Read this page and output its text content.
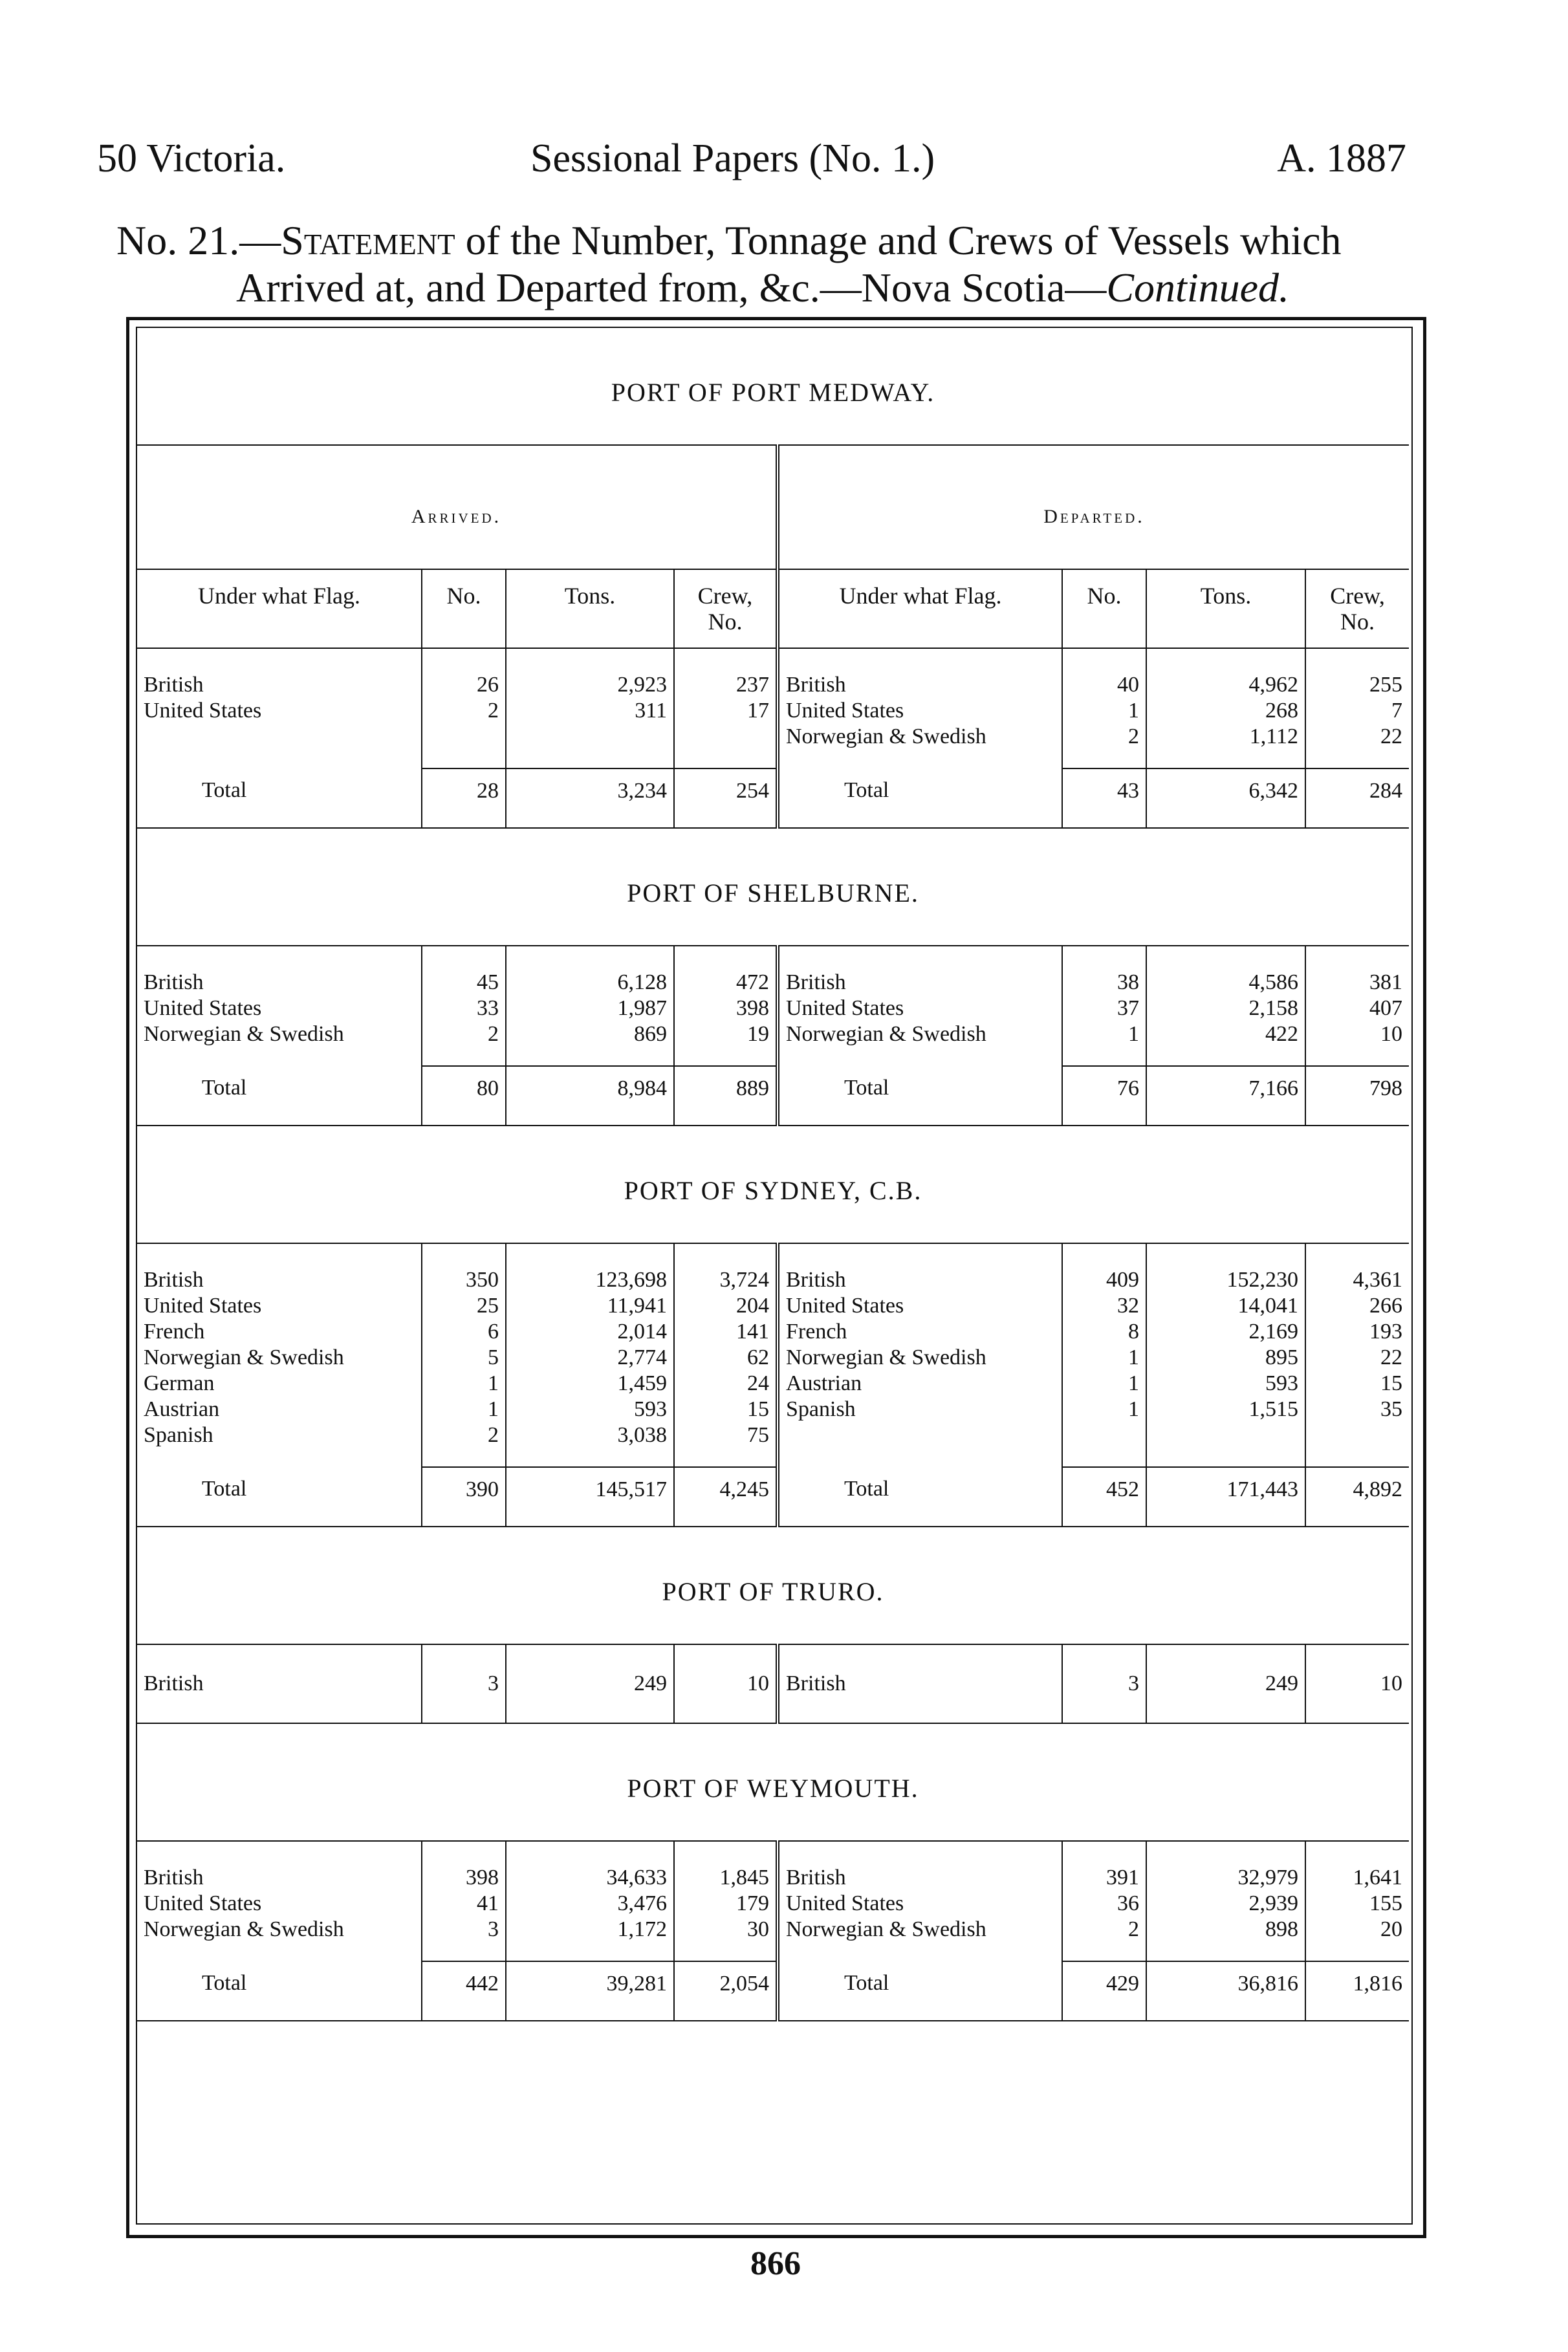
50 Victoria.	Sessional Papers (No. 1.)	A. 1887
No. 21.—Statement of the Number, Tonnage and Crews of Vessels which
Arrived at, and Departed from, &c.—Nova Scotia—Continued.
PORT OF PORT MEDWAY.							
Arrived.				Departed.			
Under what Flag.	No.	Tons.	Crew, No.	Under what Flag.	No.	Tons.	Crew, No.
British	26	2,923	237	British	40	4,962	255
United States	2	311	17	United States	1	268	7
				Norwegian & Swedish	2	1,112	22
Total	28	3,234	254	Total	43	6,342	284
PORT OF SHELBURNE.							
British	45	6,128	472	British	38	4,586	381
United States	33	1,987	398	United States	37	2,158	407
Norwegian & Swedish	2	869	19	Norwegian & Swedish	1	422	10
Total	80	8,984	889	Total	76	7,166	798
PORT OF SYDNEY, C.B.							
British	350	123,698	3,724	British	409	152,230	4,361
United States	25	11,941	204	United States	32	14,041	266
French	6	2,014	141	French	8	2,169	193
Norwegian & Swedish	5	2,774	62	Norwegian & Swedish	1	895	22
German	1	1,459	24	Austrian	1	593	15
Austrian	1	593	15	Spanish	1	1,515	35
Spanish	2	3,038	75				
Total	390	145,517	4,245	Total	452	171,443	4,892
PORT OF TRURO.							
British	3	249	10	British	3	249	10
PORT OF WEYMOUTH.							
British	398	34,633	1,845	British	391	32,979	1,641
United States	41	3,476	179	United States	36	2,939	155
Norwegian & Swedish	3	1,172	30	Norwegian & Swedish	2	898	20
Total	442	39,281	2,054	Total	429	36,816	1,816
866
